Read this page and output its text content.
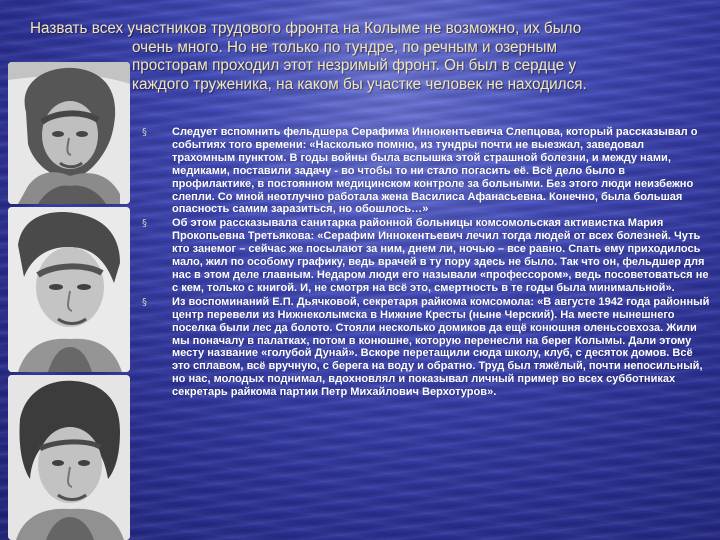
Назвать всех участников трудового фронта на Колыме не возможно, их было
очень много. Но не только по тундре, по речным и озерным
просторам проходил этот незримый фронт. Он был в сердце у
каждого труженика, на каком бы участке человек не находился.
§ Следует вспомнить фельдшера Серафима Иннокентьевича Слепцова, который рассказывал о событиях того времени: «Насколько помню, из тундры почти не выезжал, заведовал трахомным пунктом. В годы войны была вспышка этой страшной болезни, и между нами, медиками, поставили задачу - во чтобы то ни стало погасить её. Всё дело было в профилактике, в постоянном медицинском контроле за больными. Без этого люди неизбежно слепли. Со мной неотлучно работала жена Василиса Афанасьевна. Конечно, была большая опасность самим заразиться, но обошлось…»
§ Об этом рассказывала санитарка районной больницы комсомольская активистка Мария Прокопьевна Третьякова: «Серафим Иннокентьевич лечил тогда людей от всех болезней. Чуть кто занемог – сейчас же посылают за ним, днем ли, ночью – все равно. Спать ему приходилось мало, жил по особому графику, ведь врачей в ту пору здесь не было. Так что он, фельдшер для нас в этом деле главным. Недаром люди его называли «профессором», ведь посоветоваться не с кем, только с книгой. И, не смотря на всё это, смертность в те годы была минимальной».
§ Из воспоминаний Е.П. Дьячковой, секретаря райкома комсомола: «В августе 1942 года районный центр перевели из Нижнеколымска в Нижние Кресты (ныне Черский). На месте нынешнего поселка были лес да болото. Стояли несколько домиков да ещё конюшня оленьсовхоза. Жили мы поначалу в палатках, потом в конюшне, которую перенесли на берег Колымы. Дали этому месту название «голубой Дунай». Вскоре перетащили сюда школу, клуб, с десяток домов. Всё это сплавом, всё вручную, с берега на воду и обратно. Труд был тяжёлый, почти непосильный, но нас, молодых поднимал, вдохновлял и показывал личный пример во всех субботниках секретарь райкома партии Петр Михайлович Верхотуров».
